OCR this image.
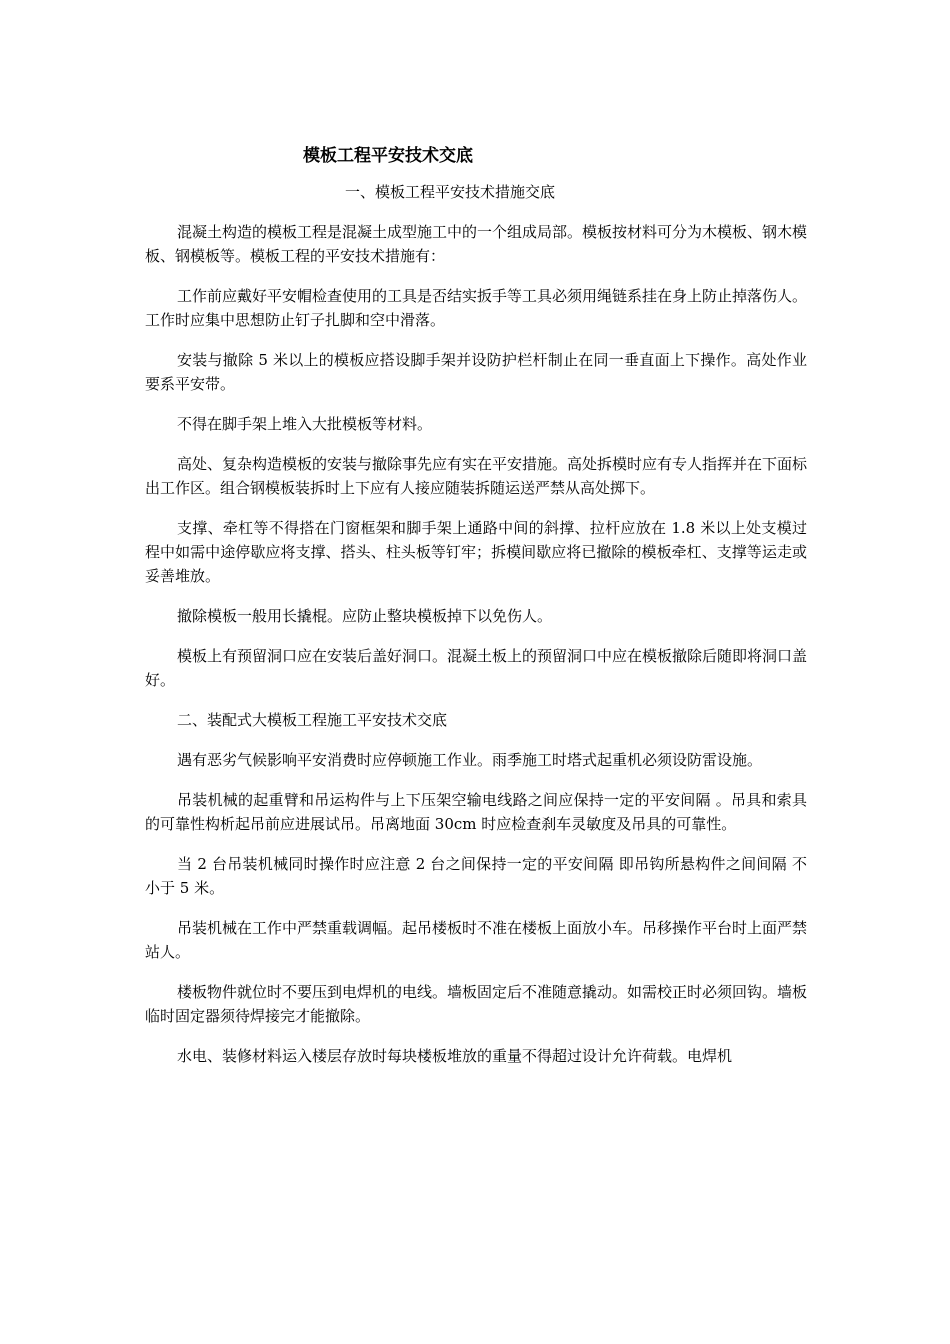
模板工程平安技术交底
一、模板工程平安技术措施交底

混凝土构造的模板工程是混凝土成型施工中的一个组成局部。模板按材料可分为木模板、钢木模板、钢模板等。模板工程的平安技术措施有：

工作前应戴好平安帽检查使用的工具是否结实扳手等工具必须用绳链系挂在身上防止掉落伤人。工作时应集中思想防止钉子扎脚和空中滑落。

安装与撤除 5 米以上的模板应搭设脚手架并设防护栏杆制止在同一垂直面上下操作。高处作业要系平安带。

不得在脚手架上堆入大批模板等材料。

高处、复杂构造模板的安装与撤除事先应有实在平安措施。高处拆模时应有专人指挥并在下面标出工作区。组合钢模板装拆时上下应有人接应随装拆随运送严禁从高处掷下。

支撑、牵杠等不得搭在门窗框架和脚手架上通路中间的斜撑、拉杆应放在 1.8 米以上处支模过程中如需中途停歇应将支撑、搭头、柱头板等钉牢；拆模间歇应将已撤除的模板牵杠、支撑等运走或妥善堆放。

撤除模板一般用长撬棍。应防止整块模板掉下以免伤人。

模板上有预留洞口应在安装后盖好洞口。混凝土板上的预留洞口中应在模板撤除后随即将洞口盖好。

二、装配式大模板工程施工平安技术交底

遇有恶劣气候影响平安消费时应停顿施工作业。雨季施工时塔式起重机必须设防雷设施。

吊装机械的起重臂和吊运构件与上下压架空输电线路之间应保持一定的平安间隔 。吊具和索具的可靠性构析起吊前应进展试吊。吊离地面 30cm 时应检查刹车灵敏度及吊具的可靠性。

当 2 台吊装机械同时操作时应注意 2 台之间保持一定的平安间隔 即吊钩所悬构件之间间隔 不小于 5 米。

吊装机械在工作中严禁重载调幅。起吊楼板时不准在楼板上面放小车。吊移操作平台时上面严禁站人。

楼板物件就位时不要压到电焊机的电线。墙板固定后不准随意撬动。如需校正时必须回钩。墙板临时固定器须待焊接完才能撤除。

水电、装修材料运入楼层存放时每块楼板堆放的重量不得超过设计允许荷载。电焊机
